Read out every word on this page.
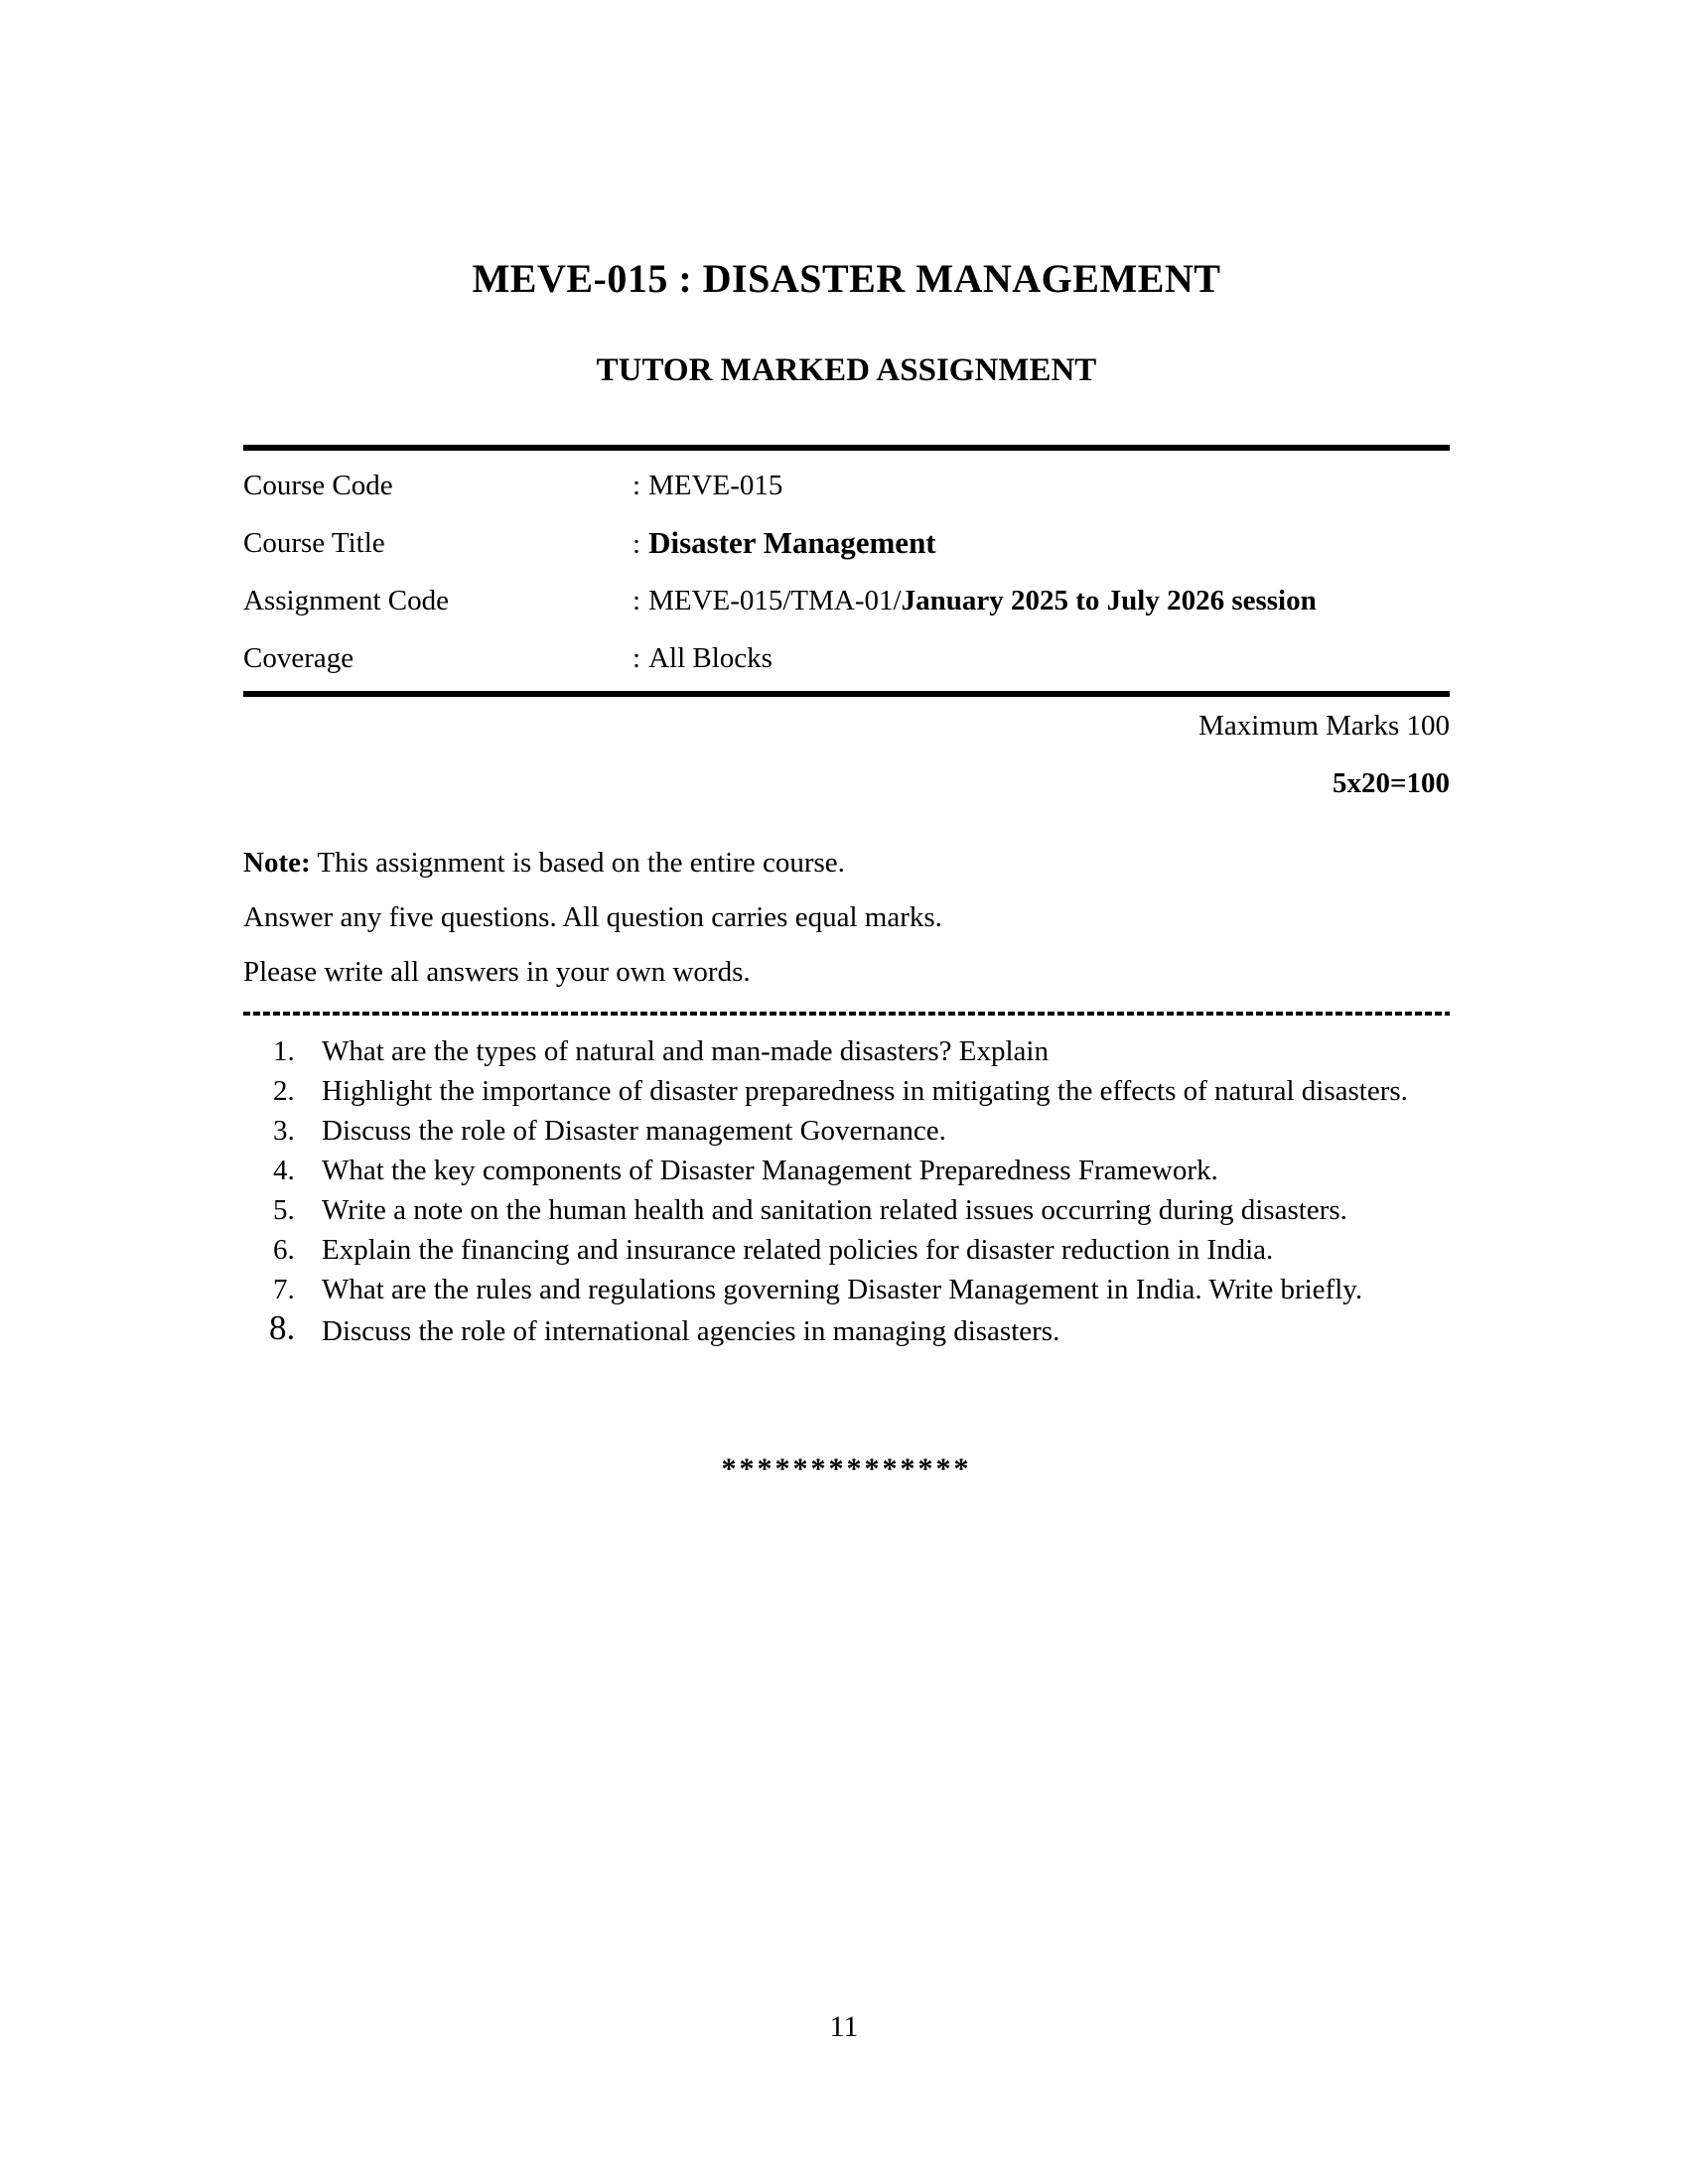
MEVE-015 : DISASTER MANAGEMENT
TUTOR MARKED ASSIGNMENT
Course Code	: MEVE-015
Course Title	: Disaster Management
Assignment Code	: MEVE-015/TMA-01/January 2025 to July 2026 session
Coverage	: All Blocks
Maximum Marks 100
5x20=100
Note: This assignment is based on the entire course.
Answer any five questions. All question carries equal marks.
Please write all answers in your own words.
1. What are the types of natural and man-made disasters? Explain
2. Highlight the importance of disaster preparedness in mitigating the effects of natural disasters.
3. Discuss the role of Disaster management Governance.
4. What the key components of Disaster Management Preparedness Framework.
5. Write a note on the human health and sanitation related issues occurring during disasters.
6. Explain the financing and insurance related policies for disaster reduction in India.
7. What are the rules and regulations governing Disaster Management in India. Write briefly.
8. Discuss the role of international agencies in managing disasters.
**************
11
